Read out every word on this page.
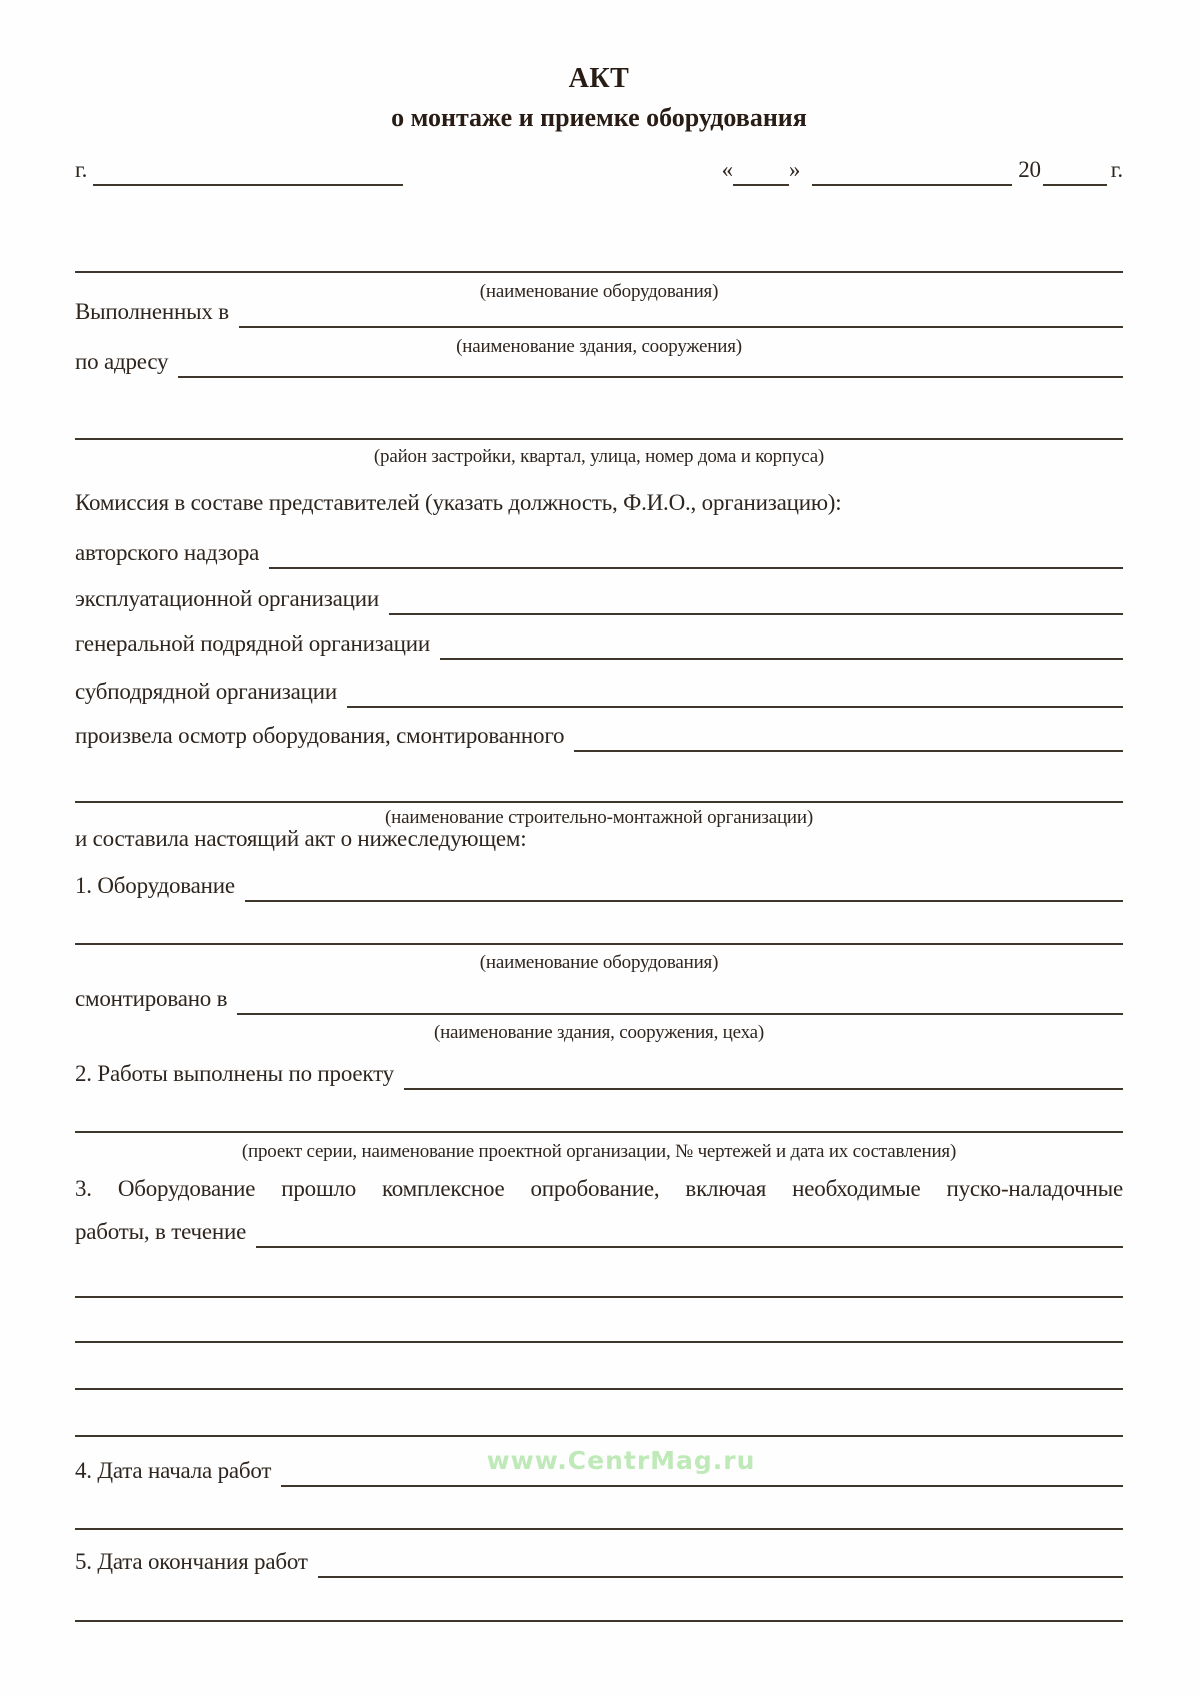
АКТ
о монтаже и приемке оборудования
г.	« »	20	г.
(наименование оборудования)
Выполненных в
(наименование здания, сооружения)
по адресу
(район застройки, квартал, улица, номер дома и корпуса)
Комиссия в составе представителей (указать должность, Ф.И.О., организацию):
авторского надзора
эксплуатационной организации
генеральной подрядной организации
субподрядной организации
произвела осмотр оборудования, смонтированного
(наименование строительно-монтажной организации)
и составила настоящий акт о нижеследующем:
1. Оборудование
(наименование оборудования)
смонтировано в
(наименование здания, сооружения, цеха)
2. Работы выполнены по проекту
(проект серии, наименование проектной организации, № чертежей и дата их составления)
3. Оборудование прошло комплексное опробование, включая необходимые пуско-наладочные
работы, в течение
www.CentrMag.ru
4. Дата начала работ
5. Дата окончания работ
